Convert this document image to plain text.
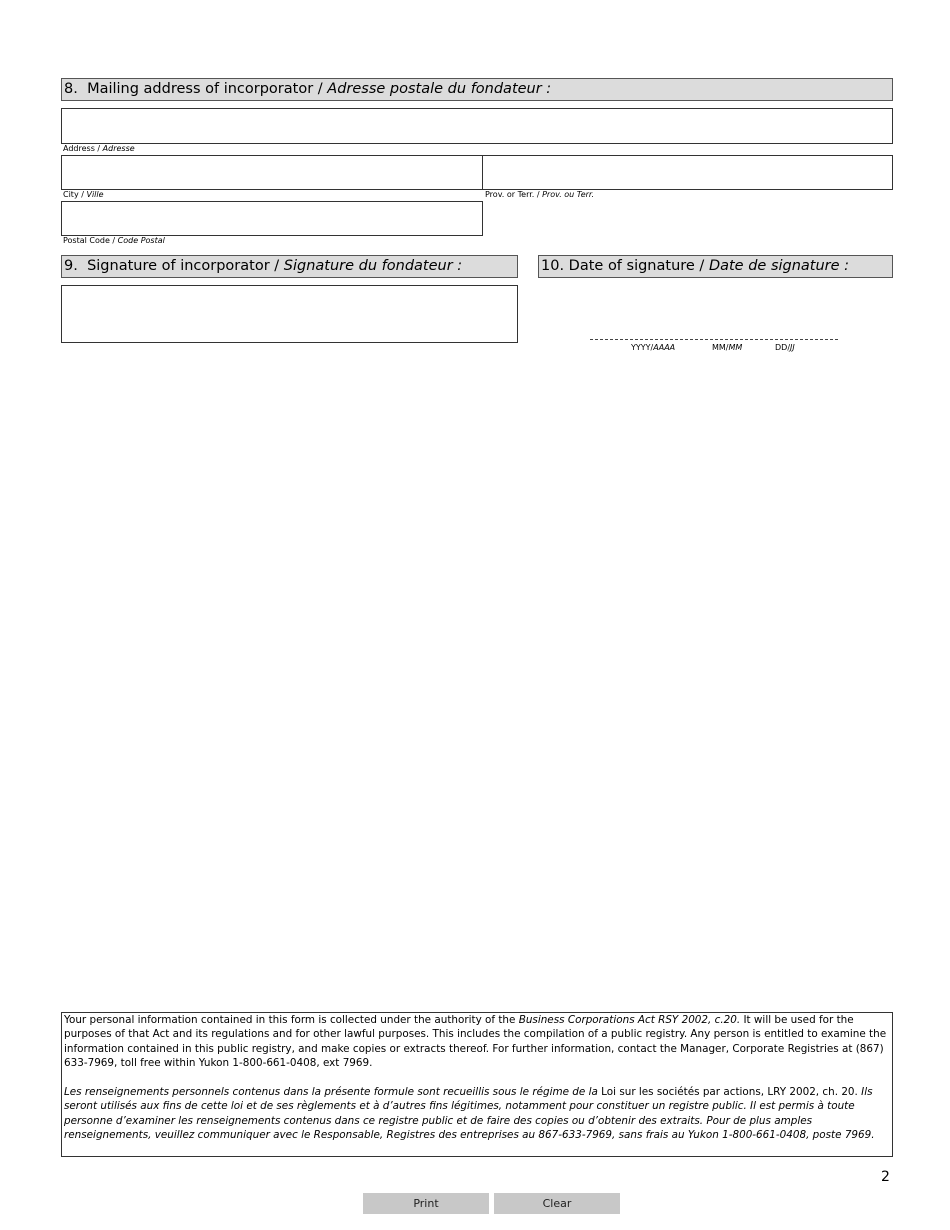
8. Mailing address of incorporator / Adresse postale du fondateur :
Address / Adresse
City / Ville	Prov. or Terr. / Prov. ou Terr.
Postal Code / Code Postal
9. Signature of incorporator / Signature du fondateur :	10. Date of signature / Date de signature :
YYYY/AAAA	MM/MM	DD/JJ

Your personal information contained in this form is collected under the authority of the Business Corporations Act RSY 2002, c.20. It will be used for the purposes of that Act and its regulations and for other lawful purposes. This includes the compilation of a public registry. Any person is entitled to examine the information contained in this public registry, and make copies or extracts thereof. For further information, contact the Manager, Corporate Registries at (867) 633-7969, toll free within Yukon 1-800-661-0408, ext 7969.

Les renseignements personnels contenus dans la présente formule sont recueillis sous le régime de la Loi sur les sociétés par actions, LRY 2002, ch. 20. Ils seront utilisés aux fins de cette loi et de ses règlements et à d’autres fins légitimes, notamment pour constituer un registre public. Il est permis à toute personne d’examiner les renseignements contenus dans ce registre public et de faire des copies ou d’obtenir des extraits. Pour de plus amples renseignements, veuillez communiquer avec le Responsable, Registres des entreprises au 867-633-7969, sans frais au Yukon 1-800-661-0408, poste 7969.

2
Print	Clear
